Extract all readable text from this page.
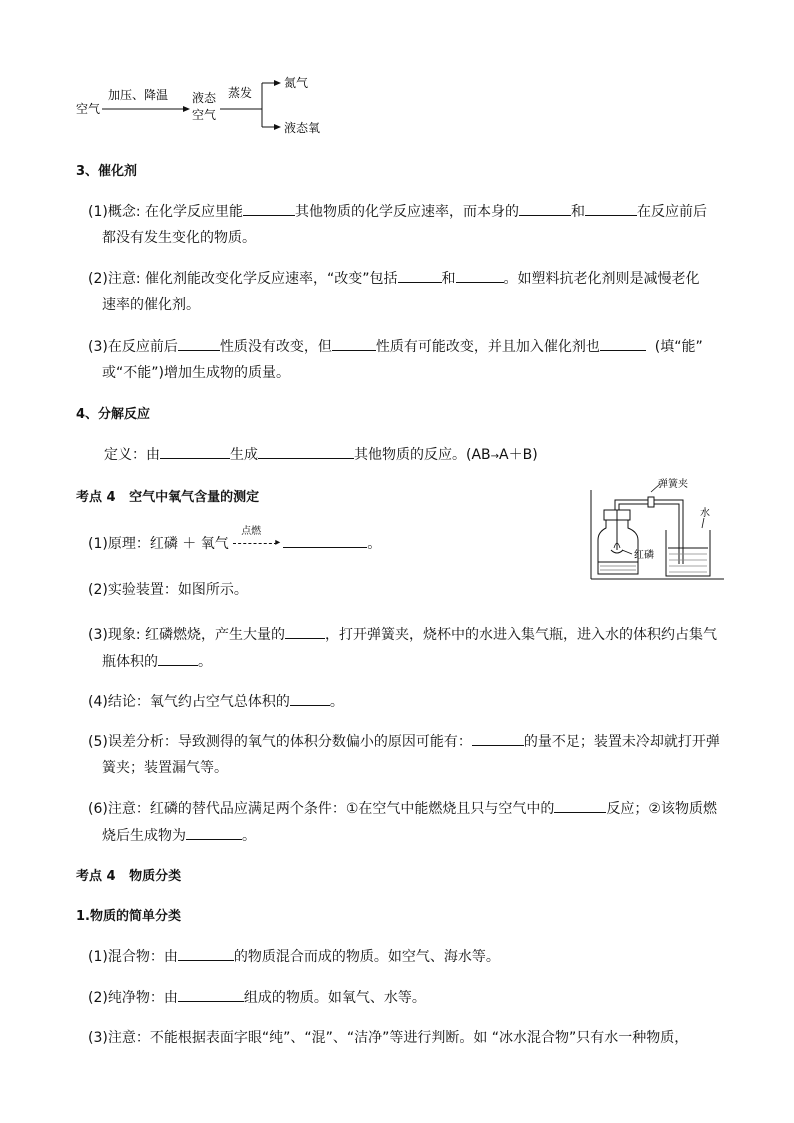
空气
加压、降温 液态
空气
蒸发
氮气
液态氧
3、催化剂
(1)概念: 在化学反应里能	其他物质的化学反应速率，而本身的	和	在反应前后
都没有发生变化的物质。
(2)注意: 催化剂能改变化学反应速率，“改变”包括	和	。如塑料抗老化剂则是减慢老化
速率的催化剂。
(3)在反应前后	性质没有改变，但	性质有可能改变，并且加入催化剂也	(填“能”
或“不能”)增加生成物的质量。
4、分解反应
定义：由	生成	其他物质的反应。(AB→A＋B)
考点 4 空气中氧气含量的测定
(1)原理：红磷 ＋ 氧气
点燃
▸	。
(2)实验装置：如图所示。
红磷
弹簧夹
水
(3)现象: 红磷燃烧，产生大量的	，打开弹簧夹，烧杯中的水进入集气瓶，进入水的体积约占集气
瓶体积的	。
(4)结论：氧气约占空气总体积的	。
(5)误差分析：导致测得的氧气的体积分数偏小的原因可能有：	的量不足；装置未冷却就打开弹
簧夹；装置漏气等。
(6)注意：红磷的替代品应满足两个条件：①在空气中能燃烧且只与空气中的	反应；②该物质燃
烧后生成物为	。
考点 4 物质分类
1.物质的简单分类
(1)混合物：由	的物质混合而成的物质。如空气、海水等。
(2)纯净物：由	组成的物质。如氧气、水等。
(3)注意：不能根据表面字眼“纯”、“混”、“洁净”等进行判断。如 “冰水混合物”只有水一种物质，
